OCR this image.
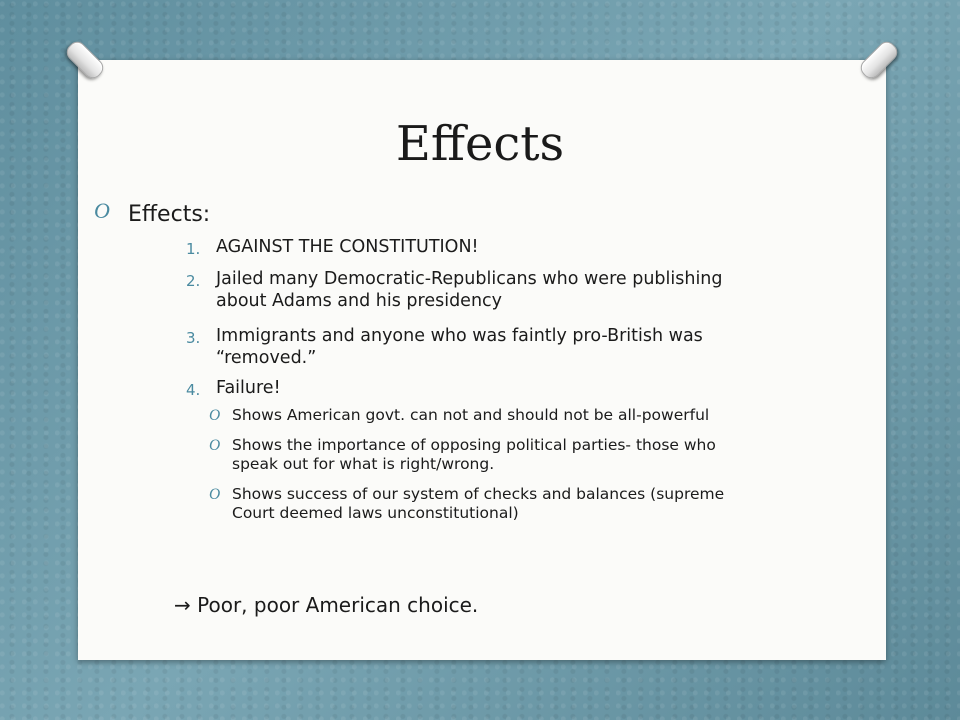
Effects
O Effects:
1. AGAINST THE CONSTITUTION!
2. Jailed many Democratic-Republicans who were publishing
about Adams and his presidency
3. Immigrants and anyone who was faintly pro-British was
“removed.”
4. Failure!
O Shows American govt. can not and should not be all-powerful
O Shows the importance of opposing political parties- those who
speak out for what is right/wrong.
O Shows success of our system of checks and balances (supreme
Court deemed laws unconstitutional)
→ Poor, poor American choice.
